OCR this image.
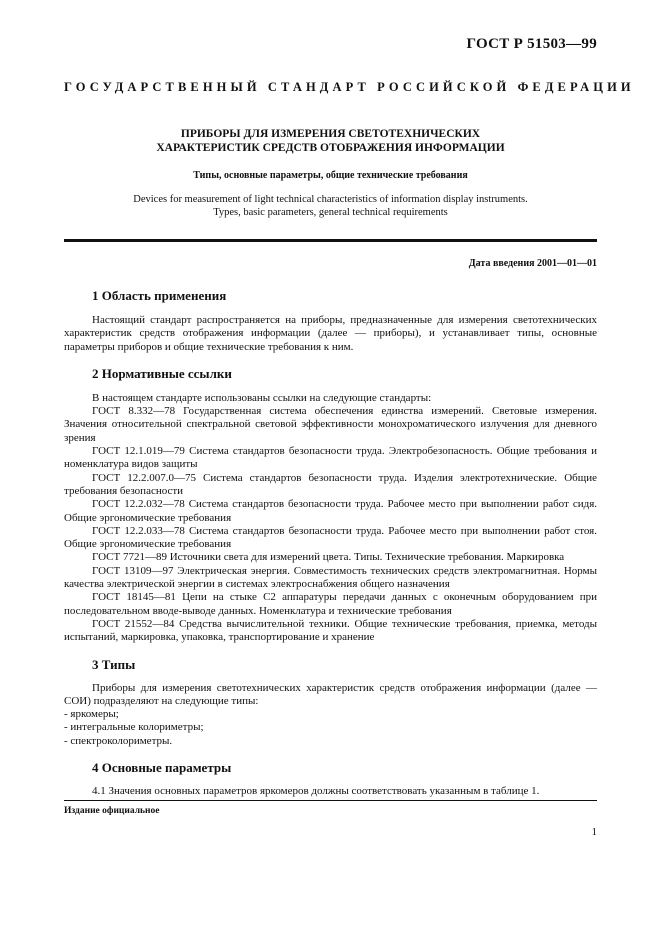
ГОСТ Р 51503—99
ГОСУДАРСТВЕННЫЙ СТАНДАРТ РОССИЙСКОЙ ФЕДЕРАЦИИ
ПРИБОРЫ ДЛЯ ИЗМЕРЕНИЯ СВЕТОТЕХНИЧЕСКИХ
ХАРАКТЕРИСТИК СРЕДСТВ ОТОБРАЖЕНИЯ ИНФОРМАЦИИ
Типы, основные параметры, общие технические требования
Devices for measurement of light technical characteristics of information display instruments.
Types, basic parameters, general technical requirements
Дата введения 2001—01—01
1 Область применения

Настоящий стандарт распространяется на приборы, предназначенные для измерения светотехнических характеристик средств отображения информации (далее — приборы), и устанавливает типы, основные параметры приборов и общие технические требования к ним.

2 Нормативные ссылки

В настоящем стандарте использованы ссылки на следующие стандарты:

ГОСТ 8.332—78 Государственная система обеспечения единства измерений. Световые измерения. Значения относительной спектральной световой эффективности монохроматического излучения для дневного зрения

ГОСТ 12.1.019—79 Система стандартов безопасности труда. Электробезопасность. Общие требования и номенклатура видов защиты

ГОСТ 12.2.007.0—75 Система стандартов безопасности труда. Изделия электротехнические. Общие требования безопасности

ГОСТ 12.2.032—78 Система стандартов безопасности труда. Рабочее место при выполнении работ сидя. Общие эргономические требования

ГОСТ 12.2.033—78 Система стандартов безопасности труда. Рабочее место при выполнении работ стоя. Общие эргономические требования

ГОСТ 7721—89 Источники света для измерений цвета. Типы. Технические требования. Маркировка

ГОСТ 13109—97 Электрическая энергия. Совместимость технических средств электромагнитная. Нормы качества электрической энергии в системах электроснабжения общего назначения

ГОСТ 18145—81 Цепи на стыке С2 аппаратуры передачи данных с оконечным оборудованием при последовательном вводе-выводе данных. Номенклатура и технические требования

ГОСТ 21552—84 Средства вычислительной техники. Общие технические требования, приемка, методы испытаний, маркировка, упаковка, транспортирование и хранение

3 Типы

Приборы для измерения светотехнических характеристик средств отображения информации (далее — СОИ) подразделяют на следующие типы:

- яркомеры;
- интегральные колориметры;
- спектроколориметры.
4 Основные параметры

4.1 Значения основных параметров яркомеров должны соответствовать указанным в таблице 1.

Издание официальное
1
